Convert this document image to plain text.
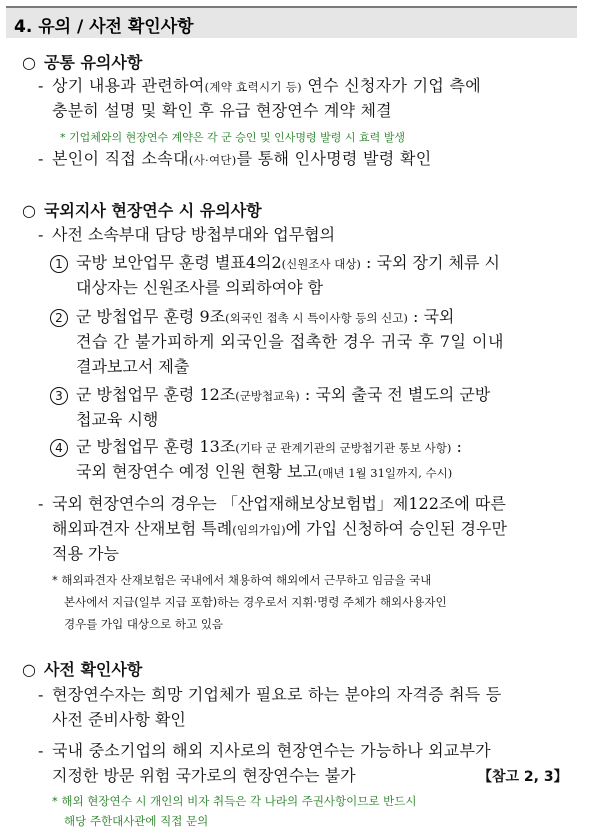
4. 유의 / 사전 확인사항
○ 공통 유의사항
- 상기 내용과 관련하여(계약 효력시기 등) 연수 신청자가 기업 측에
충분히 설명 및 확인 후 유급 현장연수 계약 체결
* 기업체와의 현장연수 계약은 각 군 승인 및 인사명령 발령 시 효력 발생
- 본인이 직접 소속대(사·여단)를 통해 인사명령 발령 확인
○ 국외지사 현장연수 시 유의사항
- 사전 소속부대 담당 방첩부대와 업무협의
1 국방 보안업무 훈령 별표4의2(신원조사 대상) : 국외 장기 체류 시
대상자는 신원조사를 의뢰하여야 함
2 군 방첩업무 훈령 9조(외국인 접촉 시 특이사항 등의 신고) : 국외
견습 간 불가피하게 외국인을 접촉한 경우 귀국 후 7일 이내
결과보고서 제출
3 군 방첩업무 훈령 12조(군방첩교육) : 국외 출국 전 별도의 군방
첩교육 시행
4 군 방첩업무 훈령 13조(기타 군 관계기관의 군방첩기관 통보 사항) :
국외 현장연수 예정 인원 현황 보고(매년 1월 31일까지, 수시)
- 국외 현장연수의 경우는 「산업재해보상보험법」제122조에 따른
해외파견자 산재보험 특례(임의가입)에 가입 신청하여 승인된 경우만
적용 가능
* 해외파견자 산재보험은 국내에서 채용하여 해외에서 근무하고 임금을 국내
본사에서 지급(일부 지급 포함)하는 경우로서 지휘·명령 주체가 해외사용자인
경우를 가입 대상으로 하고 있음
○ 사전 확인사항
- 현장연수자는 희망 기업체가 필요로 하는 분야의 자격증 취득 등
사전 준비사항 확인
- 국내 중소기업의 해외 지사로의 현장연수는 가능하나 외교부가
지정한 방문 위험 국가로의 현장연수는 불가	【참고 2, 3】
* 해외 현장연수 시 개인의 비자 취득은 각 나라의 주권사항이므로 반드시
해당 주한대사관에 직접 문의
